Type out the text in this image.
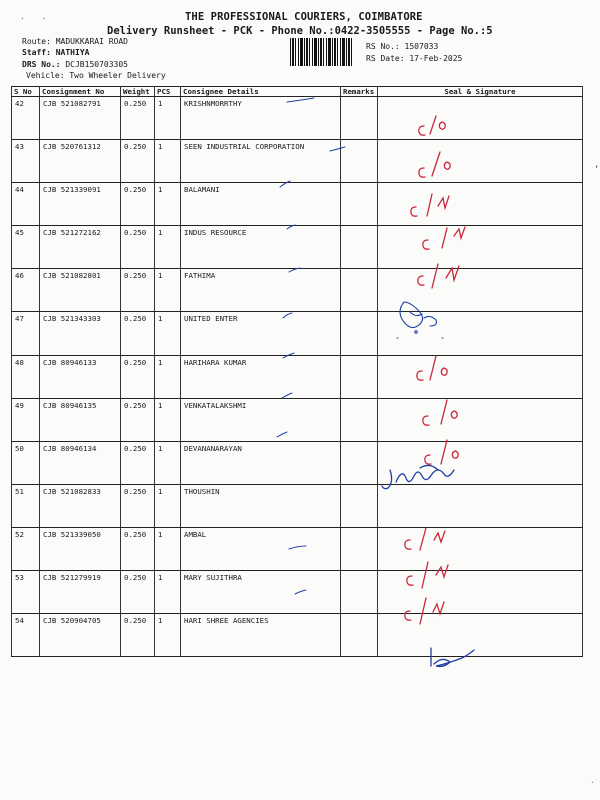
· ·	THE PROFESSIONAL COURIERS, COIMBATORE
Delivery Runsheet - PCK - Phone No.:0422-3505555 - Page No.:5
Route: MADUKKARAI ROAD
Staff: NATHIYA
DRS No.: DCJB150703305
Vehicle: Two Wheeler Delivery
RS No.: 1507033
RS Date: 17-Feb-2025
S No	Consignment No	Weight	PCS	Consignee Details	Remarks	Seal & Signature
42	CJB 521082791	0.250	1	KRISHNMORRTHY		
43	CJB 520761312	0.250	1	SEEN INDUSTRIAL CORPORATION		
44	CJB 521339091	0.250	1	BALAMANI		
45	CJB 521272162	0.250	1	INDUS RESOURCE		
46	CJB 521082801	0.250	1	FATHIMA		
47	CJB 521343303	0.250	1	UNITED ENTER		
48	CJB 80946133	0.250	1	HARIHARA KUMAR		
49	CJB 80946135	0.250	1	VENKATALAKSHMI		
50	CJB 80946134	0.250	1	DEVANANARAYAN		
51	CJB 521082833	0.250	1	THOUSHIN		
52	CJB 521339050	0.250	1	AMBAL		
53	CJB 521279919	0.250	1	MARY SUJITHRA		
54	CJB 520904705	0.250	1	HARI SHREE AGENCIES		
,
·
